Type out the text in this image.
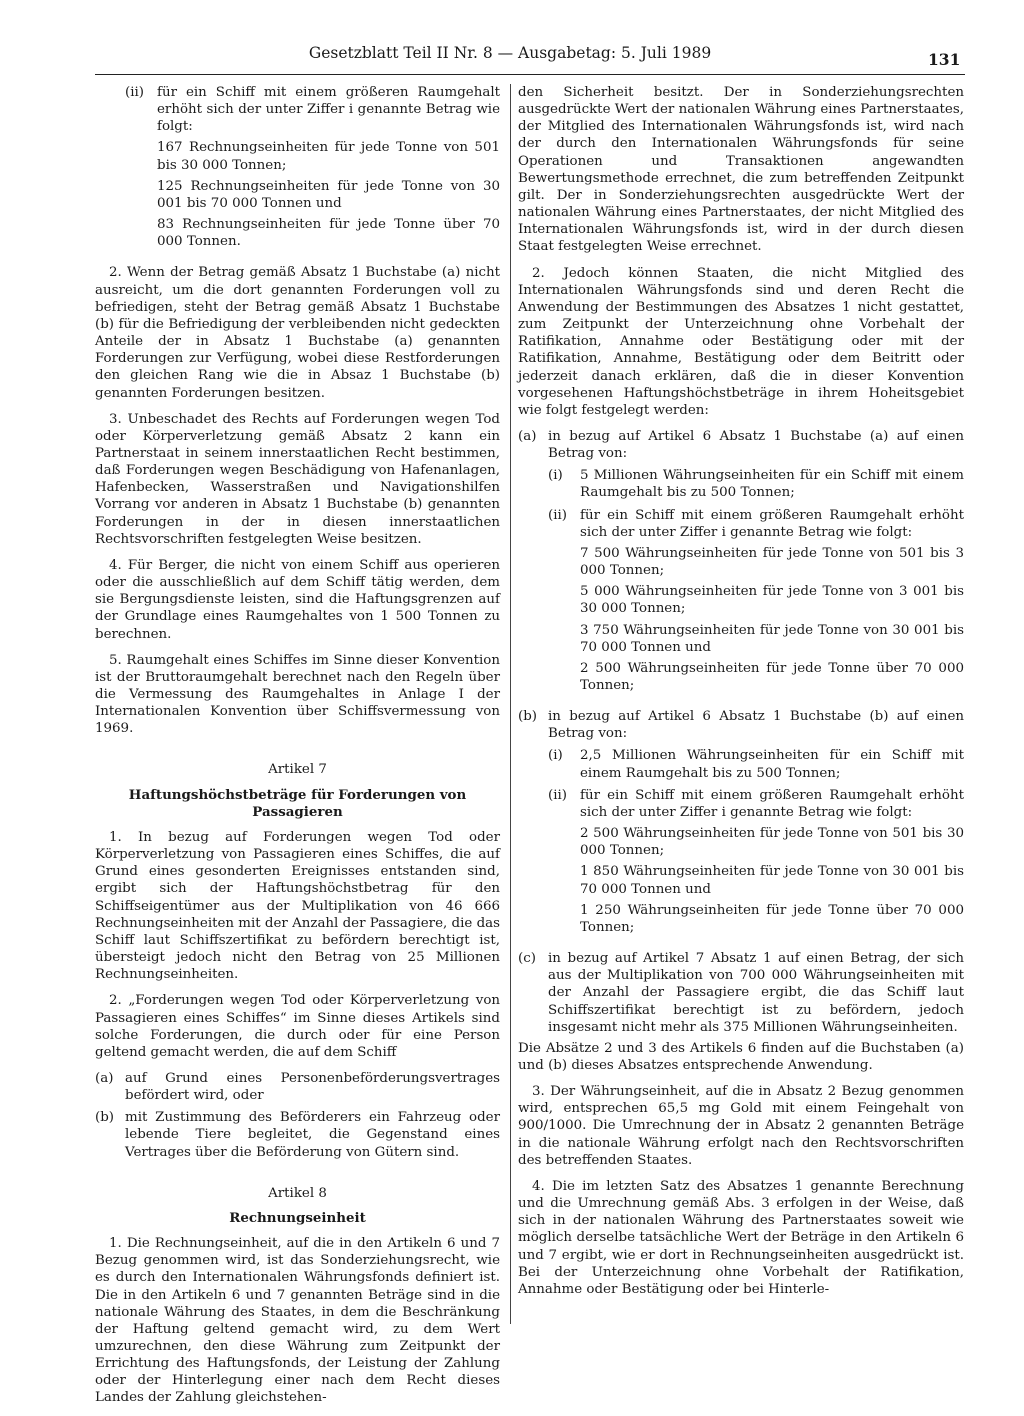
Gesetzblatt Teil II Nr. 8 — Ausgabetag: 5. Juli 1989	131
(ii) für ein Schiff mit einem größeren Raumgehalt erhöht sich der unter Ziffer i genannte Betrag wie folgt:

167 Rechnungseinheiten für jede Tonne von 501 bis 30 000 Tonnen;

125 Rechnungseinheiten für jede Tonne von 30 001 bis 70 000 Tonnen und

83 Rechnungseinheiten für jede Tonne über 70 000 Tonnen.

2. Wenn der Betrag gemäß Absatz 1 Buchstabe (a) nicht ausreicht, um die dort genannten Forderungen voll zu befriedigen, steht der Betrag gemäß Absatz 1 Buchstabe (b) für die Befriedigung der verbleibenden nicht gedeckten Anteile der in Absatz 1 Buchstabe (a) genannten Forderungen zur Verfügung, wobei diese Restforderungen den gleichen Rang wie die in Absaz 1 Buchstabe (b) genannten Forderungen besitzen.

3. Unbeschadet des Rechts auf Forderungen wegen Tod oder Körperverletzung gemäß Absatz 2 kann ein Partnerstaat in seinem innerstaatlichen Recht bestimmen, daß Forderungen wegen Beschädigung von Hafenanlagen, Hafenbecken, Wasserstraßen und Navigationshilfen Vorrang vor anderen in Absatz 1 Buchstabe (b) genannten Forderungen in der in diesen innerstaatlichen Rechtsvorschriften festgelegten Weise besitzen.

4. Für Berger, die nicht von einem Schiff aus operieren oder die ausschließlich auf dem Schiff tätig werden, dem sie Bergungsdienste leisten, sind die Haftungsgrenzen auf der Grundlage eines Raumgehaltes von 1 500 Tonnen zu berechnen.

5. Raumgehalt eines Schiffes im Sinne dieser Konvention ist der Bruttoraumgehalt berechnet nach den Regeln über die Vermessung des Raumgehaltes in Anlage I der Internationalen Konvention über Schiffsvermessung von 1969.

Artikel 7

Haftungshöchstbeträge für Forderungen von Passagieren

1. In bezug auf Forderungen wegen Tod oder Körperverletzung von Passagieren eines Schiffes, die auf Grund eines gesonderten Ereignisses entstanden sind, ergibt sich der Haftungshöchstbetrag für den Schiffseigentümer aus der Multiplikation von 46 666 Rechnungseinheiten mit der Anzahl der Passagiere, die das Schiff laut Schiffszertifikat zu befördern berechtigt ist, übersteigt jedoch nicht den Betrag von 25 Millionen Rechnungseinheiten.

2. „Forderungen wegen Tod oder Körperverletzung von Passagieren eines Schiffes“ im Sinne dieses Artikels sind solche Forderungen, die durch oder für eine Person geltend gemacht werden, die auf dem Schiff

(a) auf Grund eines Personenbeförderungsvertrages befördert wird, oder
(b) mit Zustimmung des Beförderers ein Fahrzeug oder lebende Tiere begleitet, die Gegenstand eines Vertrages über die Beförderung von Gütern sind.

Artikel 8

Rechnungseinheit

1. Die Rechnungseinheit, auf die in den Artikeln 6 und 7 Bezug genommen wird, ist das Sonderziehungsrecht, wie es durch den Internationalen Währungsfonds definiert ist. Die in den Artikeln 6 und 7 genannten Beträge sind in die nationale Währung des Staates, in dem die Beschränkung der Haftung geltend gemacht wird, zu dem Wert umzurechnen, den diese Währung zum Zeitpunkt der Errichtung des Haftungsfonds, der Leistung der Zahlung oder der Hinterlegung einer nach dem Recht dieses Landes der Zahlung gleichstehen-

den Sicherheit besitzt. Der in Sonderziehungsrechten ausgedrückte Wert der nationalen Währung eines Partnerstaates, der Mitglied des Internationalen Währungsfonds ist, wird nach der durch den Internationalen Währungsfonds für seine Operationen und Transaktionen angewandten Bewertungsmethode errechnet, die zum betreffenden Zeitpunkt gilt. Der in Sonderziehungsrechten ausgedrückte Wert der nationalen Währung eines Partnerstaates, der nicht Mitglied des Internationalen Währungsfonds ist, wird in der durch diesen Staat festgelegten Weise errechnet.

2. Jedoch können Staaten, die nicht Mitglied des Internationalen Währungsfonds sind und deren Recht die Anwendung der Bestimmungen des Absatzes 1 nicht gestattet, zum Zeitpunkt der Unterzeichnung ohne Vorbehalt der Ratifikation, Annahme oder Bestätigung oder mit der Ratifikation, Annahme, Bestätigung oder dem Beitritt oder jederzeit danach erklären, daß die in dieser Konvention vorgesehenen Haftungshöchstbeträge in ihrem Hoheitsgebiet wie folgt festgelegt werden:

(a) in bezug auf Artikel 6 Absatz 1 Buchstabe (a) auf einen Betrag von:
(i)	5 Millionen Währungseinheiten für ein Schiff mit einem Raumgehalt bis zu 500 Tonnen;
(ii) für ein Schiff mit einem größeren Raumgehalt erhöht sich der unter Ziffer i genannte Betrag wie folgt:

7 500 Währungseinheiten für jede Tonne von 501 bis 3 000 Tonnen;

5 000 Währungseinheiten für jede Tonne von 3 001 bis 30 000 Tonnen;

3 750 Währungseinheiten für jede Tonne von 30 001 bis 70 000 Tonnen und

2 500 Währungseinheiten für jede Tonne über 70 000 Tonnen;

(b) in bezug auf Artikel 6 Absatz 1 Buchstabe (b) auf einen Betrag von:
(i)	2,5 Millionen Währungseinheiten für ein Schiff mit einem Raumgehalt bis zu 500 Tonnen;
(ii) für ein Schiff mit einem größeren Raumgehalt erhöht sich der unter Ziffer i genannte Betrag wie folgt:

2 500 Währungseinheiten für jede Tonne von 501 bis 30 000 Tonnen;

1 850 Währungseinheiten für jede Tonne von 30 001 bis 70 000 Tonnen und

1 250 Währungseinheiten für jede Tonne über 70 000 Tonnen;

(c) in bezug auf Artikel 7 Absatz 1 auf einen Betrag, der sich aus der Multiplikation von 700 000 Währungseinheiten mit der Anzahl der Passagiere ergibt, die das Schiff laut Schiffszertifikat berechtigt ist zu befördern, jedoch insgesamt nicht mehr als 375 Millionen Währungseinheiten.

Die Absätze 2 und 3 des Artikels 6 finden auf die Buchstaben (a) und (b) dieses Absatzes entsprechende Anwendung.

3. Der Währungseinheit, auf die in Absatz 2 Bezug genommen wird, entsprechen 65,5 mg Gold mit einem Feingehalt von 900/1000. Die Umrechnung der in Absatz 2 genannten Beträge in die nationale Währung erfolgt nach den Rechtsvorschriften des betreffenden Staates.

4. Die im letzten Satz des Absatzes 1 genannte Berechnung und die Umrechnung gemäß Abs. 3 erfolgen in der Weise, daß sich in der nationalen Währung des Partnerstaates soweit wie möglich derselbe tatsächliche Wert der Beträge in den Artikeln 6 und 7 ergibt, wie er dort in Rechnungseinheiten ausgedrückt ist. Bei der Unterzeichnung ohne Vorbehalt der Ratifikation, Annahme oder Bestätigung oder bei Hinterle-
